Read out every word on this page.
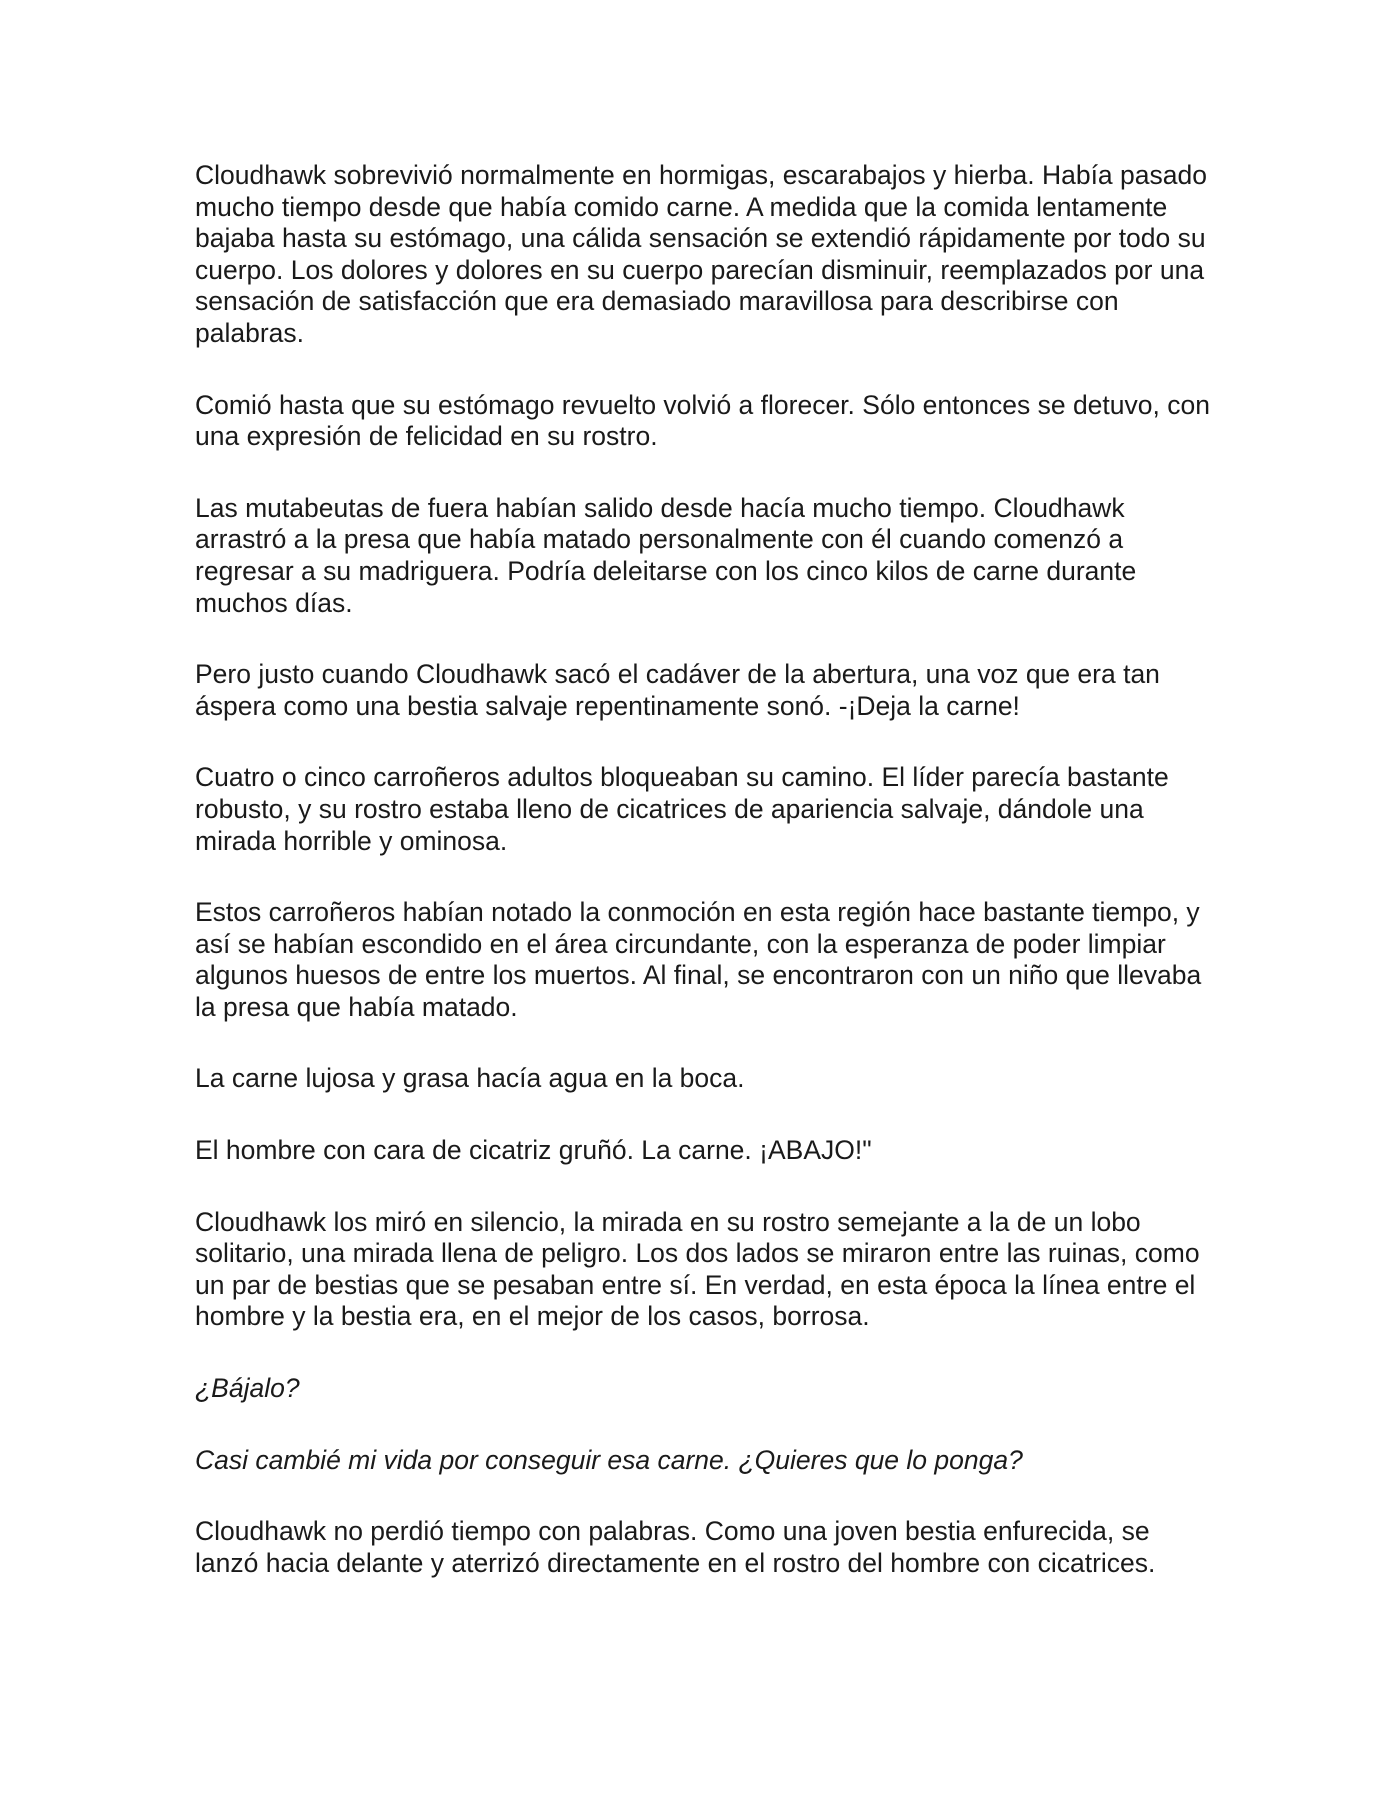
Cloudhawk sobrevivió normalmente en hormigas, escarabajos y hierba. Había pasado mucho tiempo desde que había comido carne. A medida que la comida lentamente bajaba hasta su estómago, una cálida sensación se extendió rápidamente por todo su cuerpo. Los dolores y dolores en su cuerpo parecían disminuir, reemplazados por una sensación de satisfacción que era demasiado maravillosa para describirse con palabras.

Comió hasta que su estómago revuelto volvió a florecer. Sólo entonces se detuvo, con una expresión de felicidad en su rostro.

Las mutabeutas de fuera habían salido desde hacía mucho tiempo. Cloudhawk arrastró a la presa que había matado personalmente con él cuando comenzó a regresar a su madriguera. Podría deleitarse con los cinco kilos de carne durante muchos días.

Pero justo cuando Cloudhawk sacó el cadáver de la abertura, una voz que era tan áspera como una bestia salvaje repentinamente sonó. -¡Deja la carne!

Cuatro o cinco carroñeros adultos bloqueaban su camino. El líder parecía bastante robusto, y su rostro estaba lleno de cicatrices de apariencia salvaje, dándole una mirada horrible y ominosa.

Estos carroñeros habían notado la conmoción en esta región hace bastante tiempo, y así se habían escondido en el área circundante, con la esperanza de poder limpiar algunos huesos de entre los muertos. Al final, se encontraron con un niño que llevaba la presa que había matado.

La carne lujosa y grasa hacía agua en la boca.

El hombre con cara de cicatriz gruñó. La carne. ¡ABAJO!"

Cloudhawk los miró en silencio, la mirada en su rostro semejante a la de un lobo solitario, una mirada llena de peligro. Los dos lados se miraron entre las ruinas, como un par de bestias que se pesaban entre sí. En verdad, en esta época la línea entre el hombre y la bestia era, en el mejor de los casos, borrosa.

¿Bájalo?

Casi cambié mi vida por conseguir esa carne. ¿Quieres que lo ponga?

Cloudhawk no perdió tiempo con palabras. Como una joven bestia enfurecida, se lanzó hacia delante y aterrizó directamente en el rostro del hombre con cicatrices.
